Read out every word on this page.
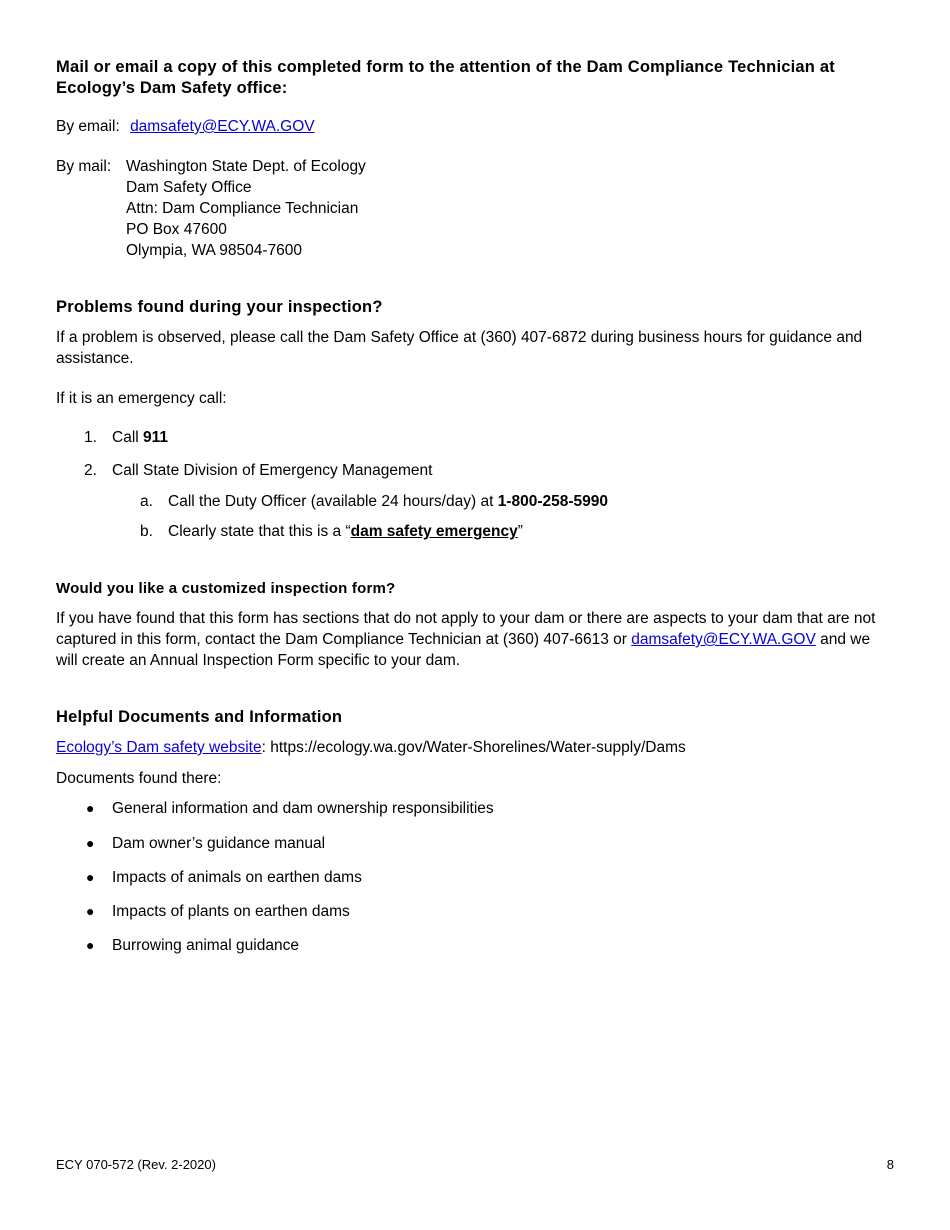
Mail or email a copy of this completed form to the attention of the Dam Compliance Technician at Ecology’s Dam Safety office:
By email: damsafety@ECY.WA.GOV
By mail: Washington State Dept. of Ecology
Dam Safety Office
Attn: Dam Compliance Technician
PO Box 47600
Olympia, WA 98504-7600
Problems found during your inspection?
If a problem is observed, please call the Dam Safety Office at (360) 407-6872 during business hours for guidance and assistance.
If it is an emergency call:
1. Call 911
2. Call State Division of Emergency Management
a. Call the Duty Officer (available 24 hours/day) at 1-800-258-5990
b. Clearly state that this is a “dam safety emergency”
Would you like a customized inspection form?
If you have found that this form has sections that do not apply to your dam or there are aspects to your dam that are not captured in this form, contact the Dam Compliance Technician at (360) 407-6613 or damsafety@ECY.WA.GOV and we will create an Annual Inspection Form specific to your dam.
Helpful Documents and Information
Ecology’s Dam safety website: https://ecology.wa.gov/Water-Shorelines/Water-supply/Dams
Documents found there:
● General information and dam ownership responsibilities
● Dam owner’s guidance manual
● Impacts of animals on earthen dams
● Impacts of plants on earthen dams
● Burrowing animal guidance
ECY 070-572 (Rev. 2-2020)	8
